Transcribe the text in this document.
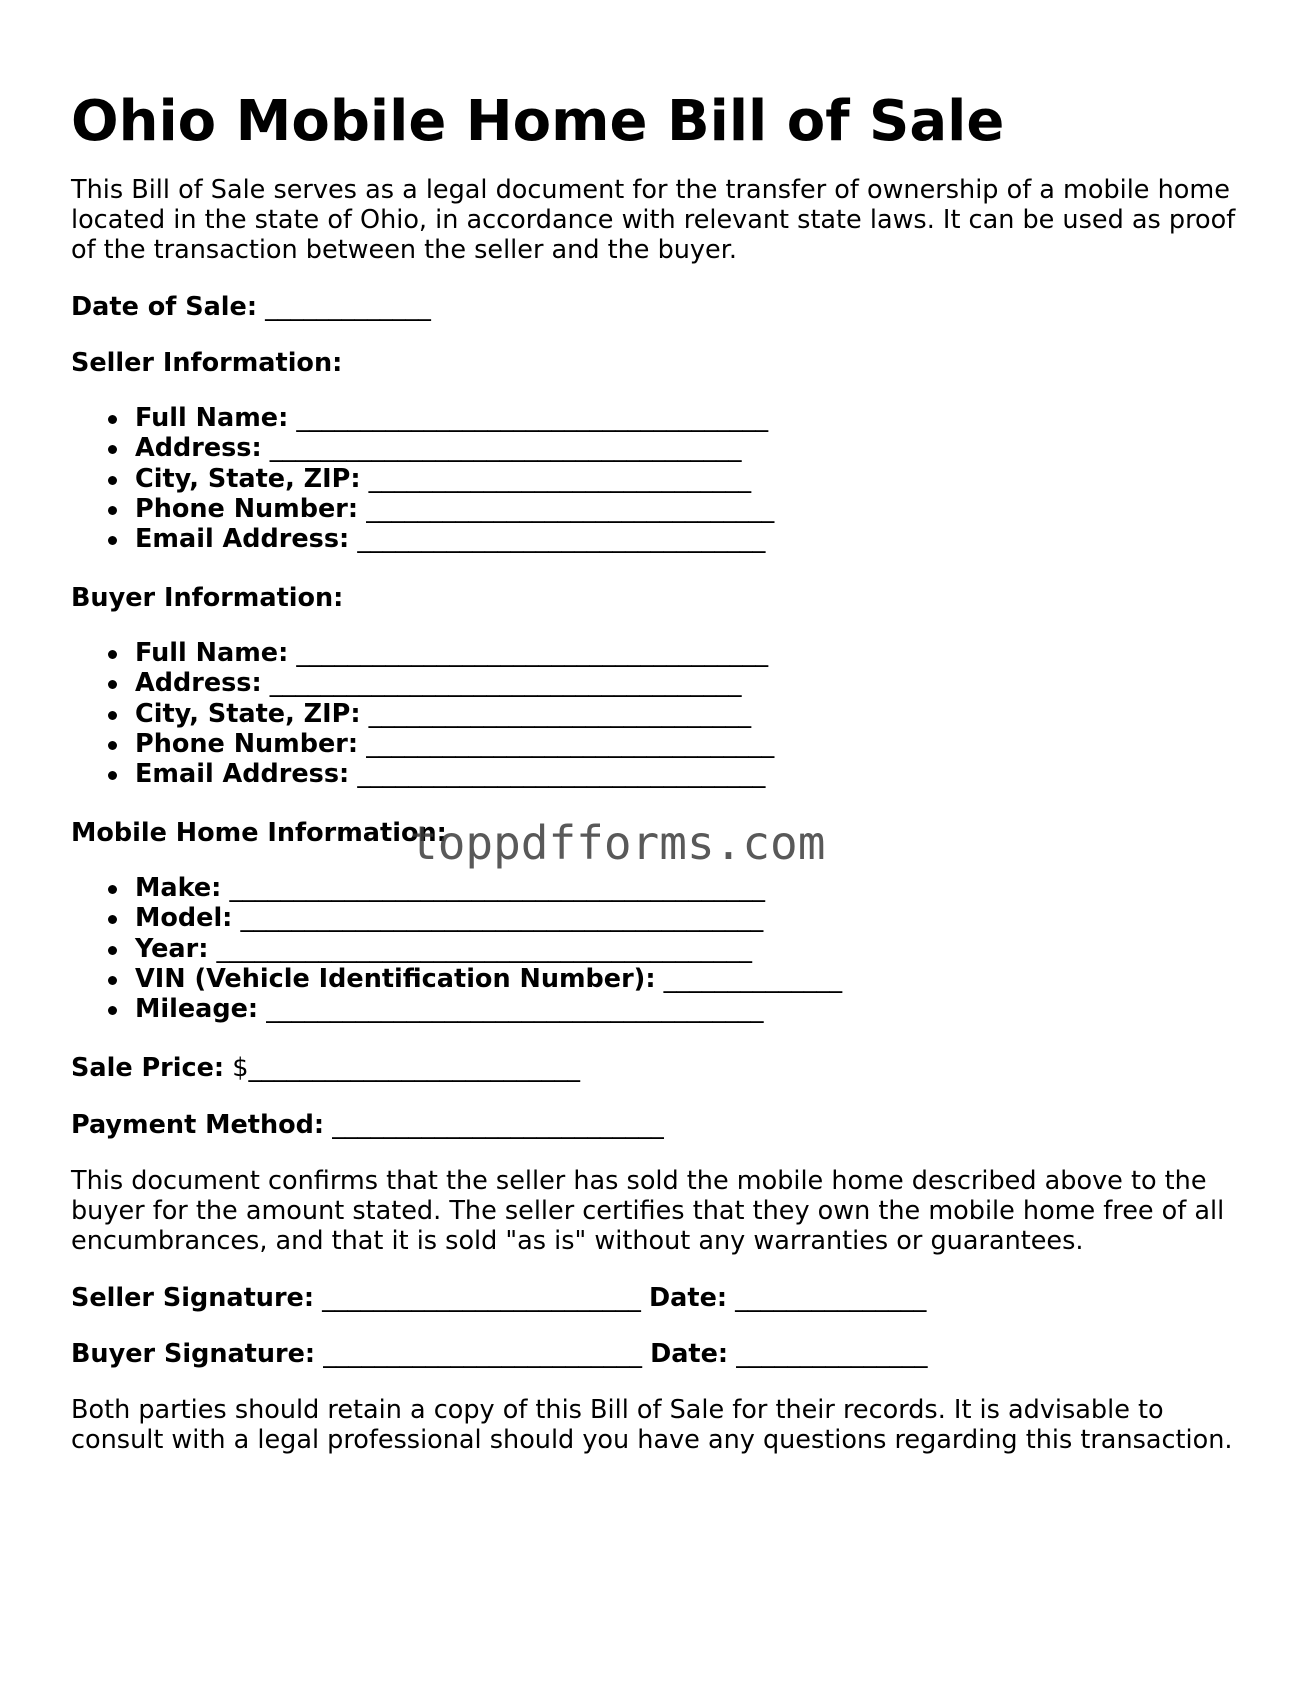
Ohio Mobile Home Bill of Sale

This Bill of Sale serves as a legal document for the transfer of ownership of a mobile home located in the state of Ohio, in accordance with relevant state laws. It can be used as proof of the transaction between the seller and the buyer.

Date of Sale: _____________

Seller Information:

Full Name: _____________________________________
Address: _____________________________________
City, State, ZIP: ______________________________
Phone Number: ________________________________
Email Address: ________________________________

Buyer Information:

Full Name: _____________________________________
Address: _____________________________________
City, State, ZIP: ______________________________
Phone Number: ________________________________
Email Address: ________________________________

Mobile Home Information:

Make: __________________________________________
Model: _________________________________________
Year: __________________________________________
VIN (Vehicle Identification Number): ______________
Mileage: _______________________________________

Sale Price: $__________________________

Payment Method: __________________________

This document confirms that the seller has sold the mobile home described above to the buyer for the amount stated. The seller certifies that they own the mobile home free of all encumbrances, and that it is sold "as is" without any warranties or guarantees.

Seller Signature: _________________________ Date: _______________

Buyer Signature: _________________________ Date: _______________

Both parties should retain a copy of this Bill of Sale for their records. It is advisable to consult with a legal professional should you have any questions regarding this transaction.

toppdfforms.com
